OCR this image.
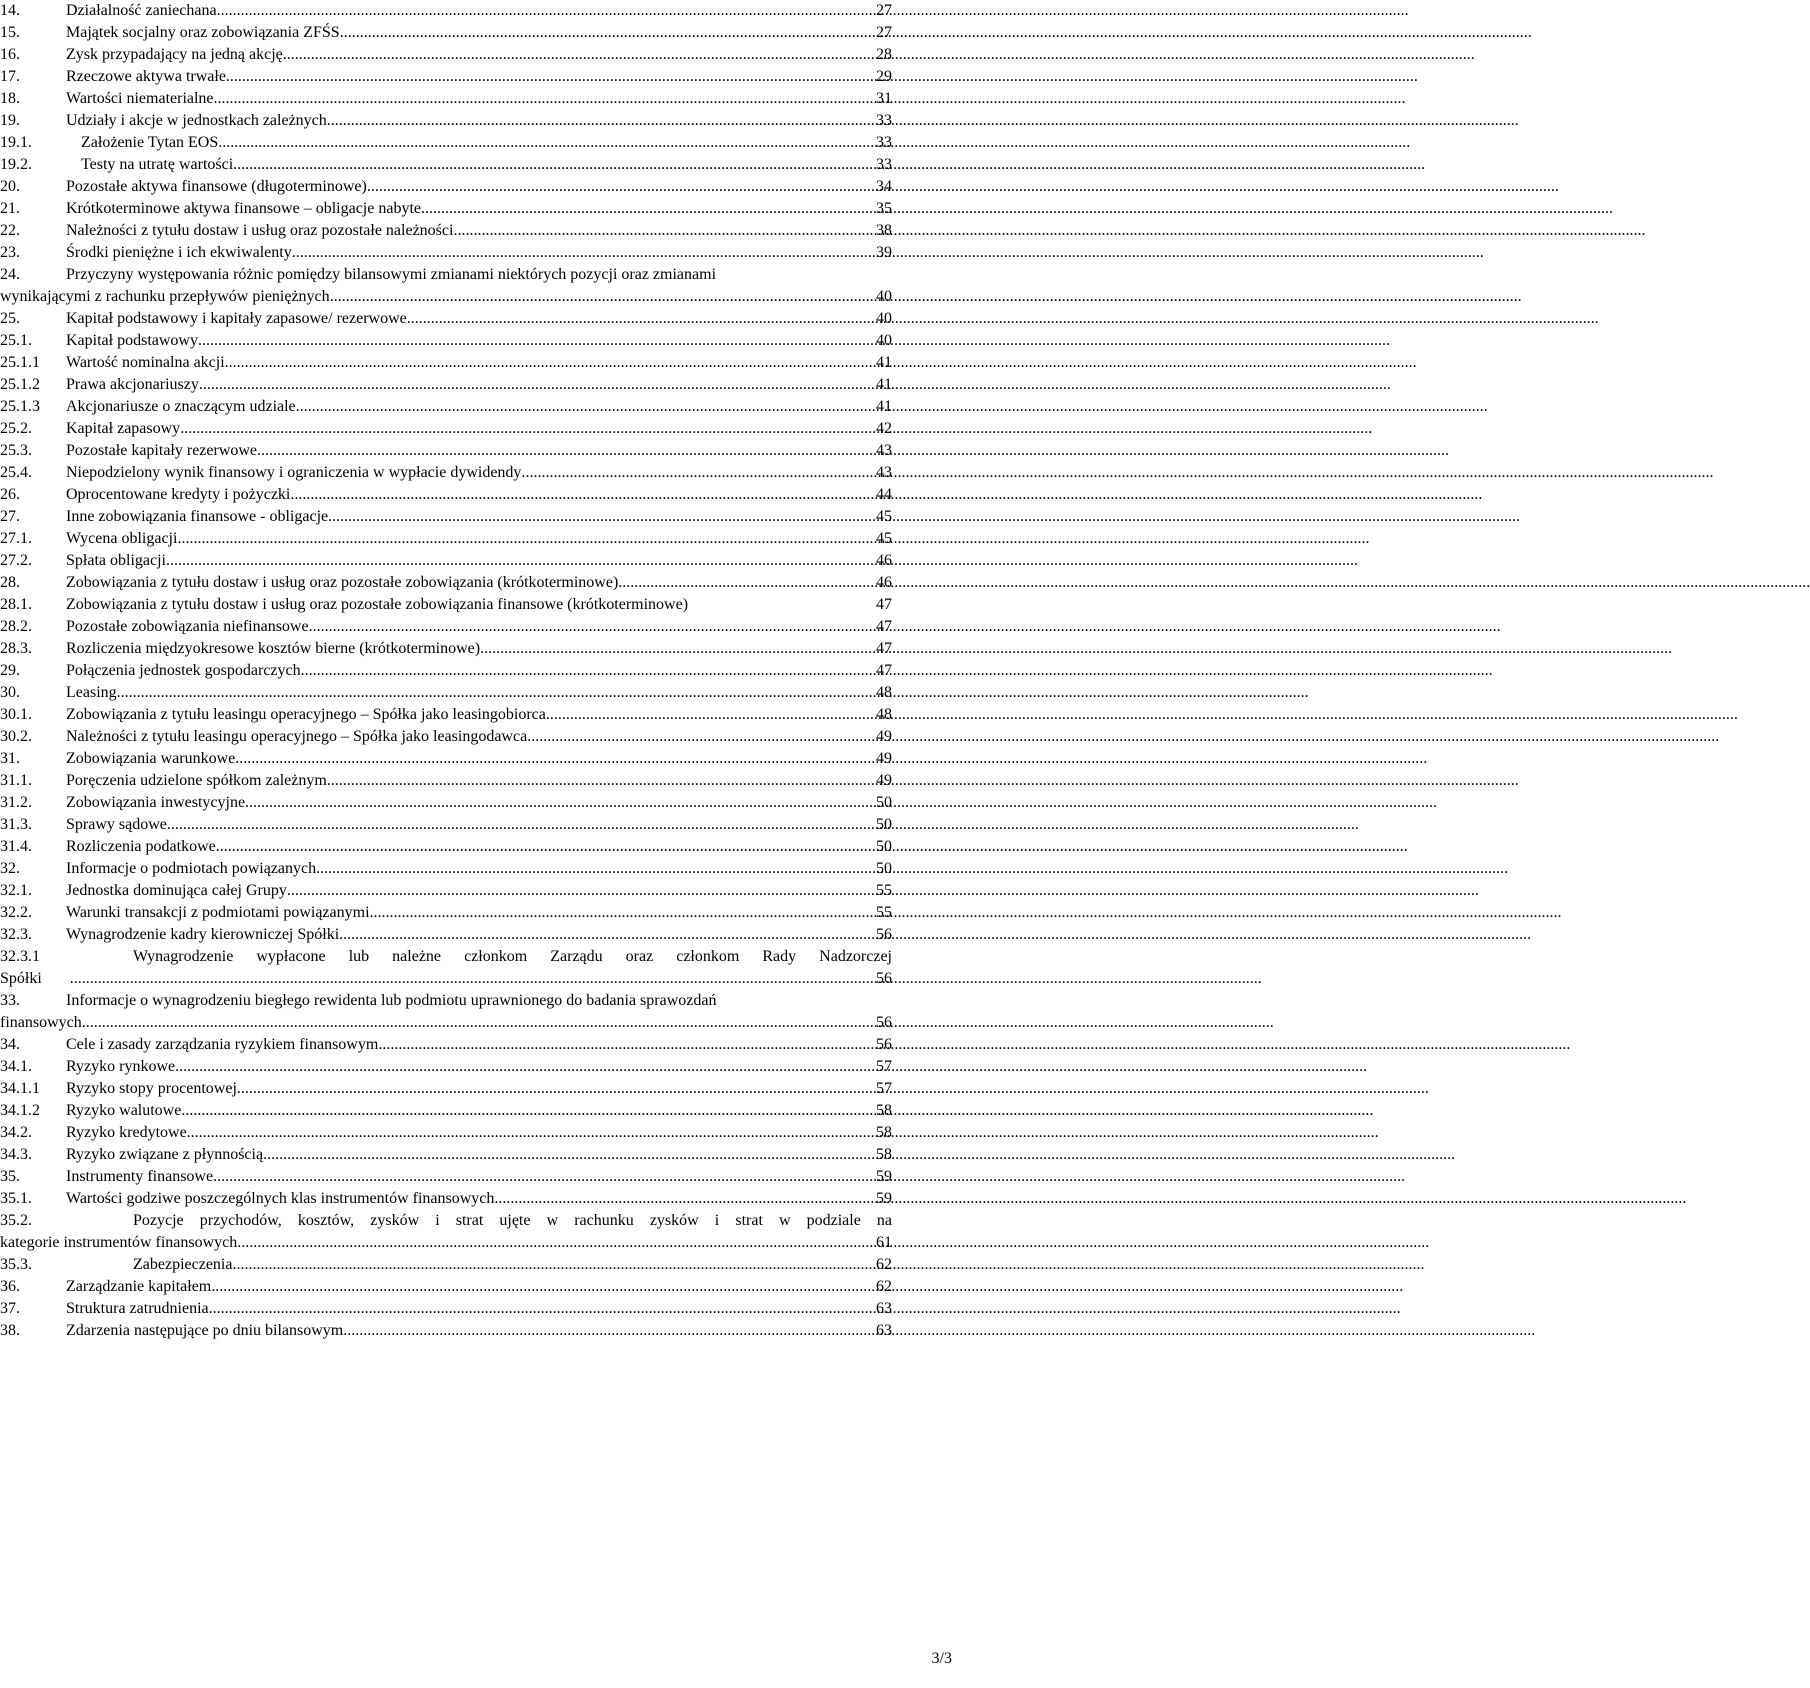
14.	Działalność zaniechana .....	27
15.	Majątek socjalny oraz zobowiązania ZFŚS .....	27
16.	Zysk przypadający na jedną akcję .....	28
17.	Rzeczowe aktywa trwałe .....	29
18.	Wartości niematerialne .....	31
19.	Udziały i akcje w jednostkach zależnych .....	33
19.1.	Założenie Tytan EOS .....	33
19.2.	Testy na utratę wartości .....	33
20.	Pozostałe aktywa finansowe (długoterminowe) .....	34
21.	Krótkoterminowe aktywa finansowe – obligacje nabyte .....	35
22.	Należności z tytułu dostaw i usług oraz pozostałe należności .....	38
23.	Środki pieniężne i ich ekwiwalenty .....	39
24.	Przyczyny występowania różnic pomiędzy bilansowymi zmianami niektórych pozycji oraz zmianami
wynikającymi z rachunku przepływów pieniężnych .....	40
25.	Kapitał podstawowy i kapitały zapasowe/ rezerwowe .....	40
25.1.	Kapitał podstawowy .....	40
25.1.1	Wartość nominalna akcji .....	41
25.1.2	Prawa akcjonariuszy .....	41
25.1.3	Akcjonariusze o znaczącym udziale .....	41
25.2.	Kapitał zapasowy .....	42
25.3.	Pozostałe kapitały rezerwowe .....	43
25.4.	Niepodzielony wynik finansowy i ograniczenia w wypłacie dywidendy .....	43
26.	Oprocentowane kredyty i pożyczki .....	44
27.	Inne zobowiązania finansowe - obligacje .....	45
27.1.	Wycena obligacji .....	45
27.2.	Spłata obligacji .....	46
28.	Zobowiązania z tytułu dostaw i usług oraz pozostałe zobowiązania (krótkoterminowe) .....	46
28.1.	Zobowiązania z tytułu dostaw i usług oraz pozostałe zobowiązania finansowe (krótkoterminowe)	47
28.2.	Pozostałe zobowiązania niefinansowe .....	47
28.3.	Rozliczenia międzyokresowe kosztów bierne (krótkoterminowe) .....	47
29.	Połączenia jednostek gospodarczych .....	47
30.	Leasing .....	48
30.1.	Zobowiązania z tytułu leasingu operacyjnego – Spółka jako leasingobiorca .....	48
30.2.	Należności z tytułu leasingu operacyjnego – Spółka jako leasingodawca .....	49
31.	Zobowiązania warunkowe .....	49
31.1.	Poręczenia udzielone spółkom zależnym .....	49
31.2.	Zobowiązania inwestycyjne .....	50
31.3.	Sprawy sądowe .....	50
31.4.	Rozliczenia podatkowe .....	50
32.	Informacje o podmiotach powiązanych .....	50
32.1.	Jednostka dominująca całej Grupy .....	55
32.2.	Warunki transakcji z podmiotami powiązanymi .....	55
32.3.	Wynagrodzenie kadry kierowniczej Spółki .....	56
32.3.1	Wynagrodzenie wypłacone lub należne członkom Zarządu oraz członkom Rady Nadzorczej
Spółki .....	56
33.	Informacje o wynagrodzeniu biegłego rewidenta lub podmiotu uprawnionego do badania sprawozdań
finansowych .....	56
34.	Cele i zasady zarządzania ryzykiem finansowym .....	56
34.1.	Ryzyko rynkowe .....	57
34.1.1	Ryzyko stopy procentowej .....	57
34.1.2	Ryzyko walutowe .....	58
34.2.	Ryzyko kredytowe .....	58
34.3.	Ryzyko związane z płynnością .....	58
35.	Instrumenty finansowe .....	59
35.1.	Wartości godziwe poszczególnych klas instrumentów finansowych .....	59
35.2.	Pozycje przychodów, kosztów, zysków i strat ujęte w rachunku zysków i strat w podziale na
kategorie instrumentów finansowych .....	61
35.3.	Zabezpieczenia .....	62
36.	Zarządzanie kapitałem .....	62
37.	Struktura zatrudnienia .....	63
38.	Zdarzenia następujące po dniu bilansowym .....	63
3/3
